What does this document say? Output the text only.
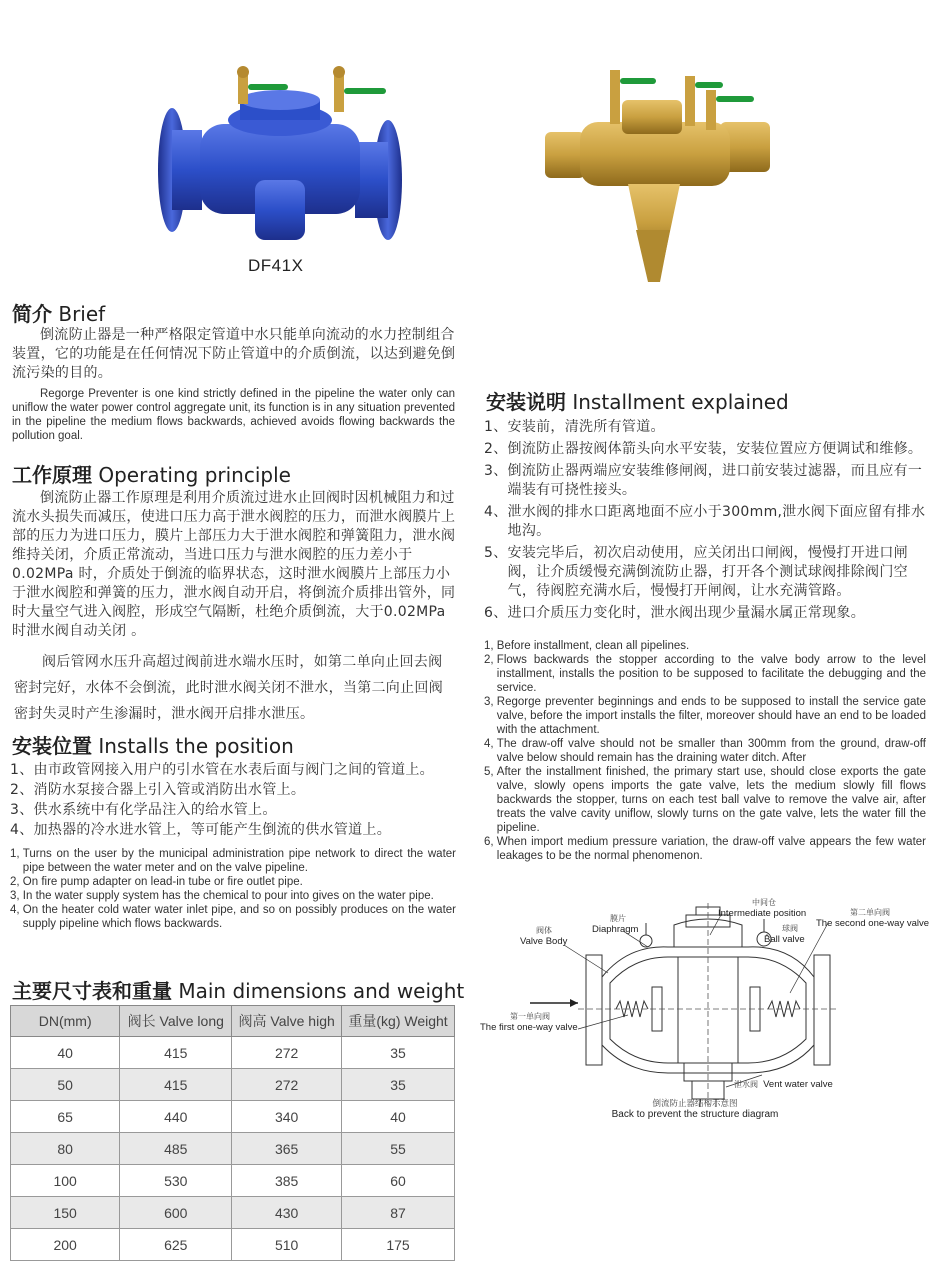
DF41X
简介 Brief
倒流防止器是一种严格限定管道中水只能单向流动的水力控制组合装置，它的功能是在任何情况下防止管道中的介质倒流，以达到避免倒流污染的目的。
Regorge Preventer is one kind strictly defined in the pipeline the water only can uniflow the water power control aggregate unit, its function is in any situation prevented in the pipeline the medium flows backwards, achieved avoids flowing backwards the pollution goal.
工作原理 Operating principle
倒流防止器工作原理是利用介质流过进水止回阀时因机械阻力和过流水头损失而减压，使进口压力高于泄水阀腔的压力，而泄水阀膜片上部的压力为进口压力，膜片上部压力大于泄水阀腔和弹簧阻力，泄水阀维持关闭，介质正常流动，当进口压力与泄水阀腔的压力差小于0.02MPa 时，介质处于倒流的临界状态，这时泄水阀膜片上部压力小于泄水阀腔和弹簧的压力，泄水阀自动开启，将倒流介质排出管外，同时大量空气进入阀腔，形成空气隔断，杜绝介质倒流，大于0.02MPa 时泄水阀自动关闭 。
阀后管网水压升高超过阀前进水端水压时，如第二单向止回去阀密封完好，水体不会倒流，此时泄水阀关闭不泄水，当第二向止回阀密封失灵时产生渗漏时，泄水阀开启排水泄压。
安装位置 Installs the position
1、 由市政管网接入用户的引水管在水表后面与阀门之间的管道上。
2、 消防水泵接合器上引入管或消防出水管上。
3、 供水系统中有化学品注入的给水管上。
4、 加热器的冷水进水管上，等可能产生倒流的供水管道上。
1, Turns on the user by the municipal administration pipe network to direct the water pipe between the water meter and on the valve pipeline.
2, On fire pump adapter on lead-in tube or fire outlet pipe.
3, In the water supply system has the chemical to pour into gives on the water pipe.
4, On the heater cold water water inlet pipe, and so on possibly produces on the water supply pipeline which flows backwards.
主要尺寸表和重量 Main dimensions and weight
DN(mm)	阀长 Valve long	阀高 Valve high	重量(kg) Weight
40	415	272	35
50	415	272	35
65	440	340	40
80	485	365	55
100	530	385	60
150	600	430	87
200	625	510	175
安装说明 Installment explained
1、 安装前，清洗所有管道。
2、 倒流防止器按阀体箭头向水平安装，安装位置应方便调试和维修。
3、 倒流防止器两端应安装维修闸阀，进口前安装过滤器，而且应有一端装有可挠性接头。
4、 泄水阀的排水口距离地面不应小于300mm,泄水阀下面应留有排水地沟。
5、 安装完毕后，初次启动使用，应关闭出口闸阀，慢慢打开进口闸阀，让介质缓慢充满倒流防止器，打开各个测试球阀排除阀门空气，待阀腔充满水后，慢慢打开闸阀，让水充满管路。
6、 进口介质压力变化时，泄水阀出现少量漏水属正常现象。
1, Before installment, clean all pipelines.
2, Flows backwards the stopper according to the valve body arrow to the level installment, installs the position to be supposed to facilitate the debugging and the service.
3, Regorge preventer beginnings and ends to be supposed to install the service gate valve, before the import installs the filter, moreover should have an end to be loaded with the attachment.
4, The draw-off valve should not be smaller than 300mm from the ground, draw-off valve below should remain has the draining water ditch. After
5, After the installment finished, the primary start use, should close exports the gate valve, slowly opens imports the gate valve, lets the medium slowly fill flows backwards the stopper, turns on each test ball valve to remove the valve air, after treats the valve cavity uniflow, slowly turns on the gate valve, lets the water fill the pipeline.
6, When import medium pressure variation, the draw-off valve appears the few water leakages to be the normal phenomenon.
中间仓
Intermediate position	第二单向阀
The second one-way valve
膜片
Diaphragm	球阀
Ball valve
阀体
Valve Body
第一单向阀
The first one-way valve
泄水阀 Vent water valve
倒流防止器结构示意图
Back to prevent the structure diagram
